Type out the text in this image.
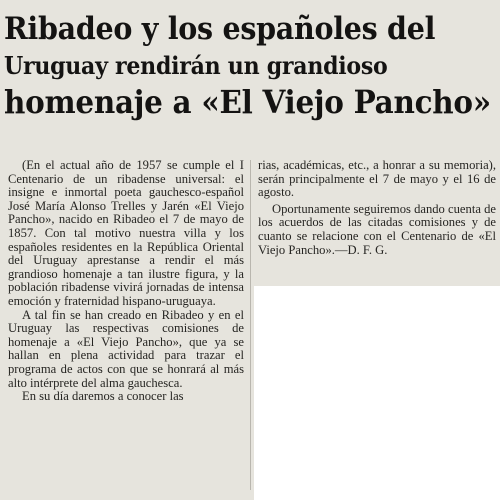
Ribadeo y los españoles del
Uruguay rendirán un grandioso
homenaje a «El Viejo Pancho»

(En el actual año de 1957 se cumple el I Centenario de un ribadense universal: el insigne e inmortal poeta gauchesco-español José María Alonso Trelles y Jarén «El Viejo Pancho», nacido en Ribadeo el 7 de mayo de 1857. Con tal motivo nuestra villa y los españoles residentes en la República Oriental del Uruguay aprestanse a rendir el más grandioso homenaje a tan ilustre figura, y la población ribadense vivirá jornadas de intensa emoción y fraternidad hispano-uruguaya.

A tal fin se han creado en Ribadeo y en el Uruguay las respectivas comisiones de homenaje a «El Viejo Pancho», que ya se hallan en plena actividad para trazar el programa de actos con que se honrará al más alto intérprete del alma gauchesca.

En su día daremos a conocer las

rias, académicas, etc., a honrar a su memoria), serán principalmente el 7 de mayo y el 16 de agosto.

Oportunamente seguiremos dando cuenta de los acuerdos de las citadas comisiones y de cuanto se relacione con el Centenario de «El Viejo Pancho».—D. F. G.
